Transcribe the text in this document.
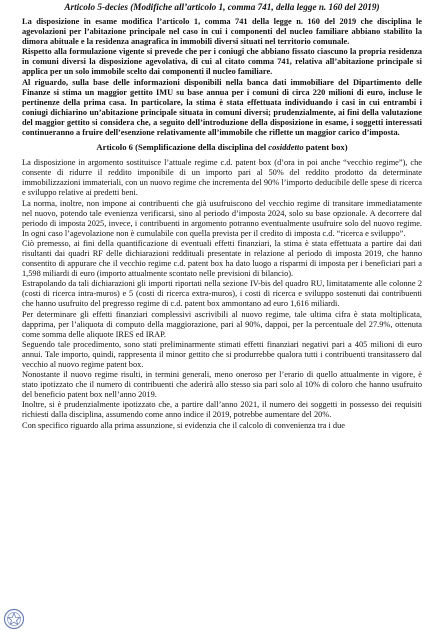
Articolo 5-decies (Modifiche all’articolo 1, comma 741, della legge n. 160 del 2019)

La disposizione in esame modifica l’articolo 1, comma 741 della legge n. 160 del 2019 che disciplina le agevolazioni per l’abitazione principale nel caso in cui i componenti del nucleo familiare abbiano stabilito la dimora abituale e la residenza anagrafica in immobili diversi situati nel territorio comunale.

Rispetto alla formulazione vigente si prevede che per i coniugi che abbiano fissato ciascuno la propria residenza in comuni diversi la disposizione agevolativa, di cui al citato comma 741, relativa all’abitazione principale si applica per un solo immobile scelto dai componenti il nucleo familiare.

Al riguardo, sulla base delle informazioni disponibili nella banca dati immobiliare del Dipartimento delle Finanze si stima un maggior gettito IMU su base annua per i comuni di circa 220 milioni di euro, incluse le pertinenze della prima casa. In particolare, la stima è stata effettuata individuando i casi in cui entrambi i coniugi dichiarino un’abitazione principale situata in comuni diversi; prudenzialmente, ai fini della valutazione del maggior gettito si considera che, a seguito dell’introduzione della disposizione in esame, i soggetti interessati continueranno a fruire dell’esenzione relativamente all’immobile che riflette un maggior carico d’imposta.

Articolo 6 (Semplificazione della disciplina del cosiddetto patent box)

La disposizione in argomento sostituisce l’attuale regime c.d. patent box (d’ora in poi anche “vecchio regime”), che consente di ridurre il reddito imponibile di un importo pari al 50% del reddito prodotto da determinate immobilizzazioni immateriali, con un nuovo regime che incrementa del 90% l’importo deducibile delle spese di ricerca e sviluppo relative ai predetti beni.

La norma, inoltre, non impone ai contribuenti che già usufruiscono del vecchio regime di transitare immediatamente nel nuovo, potendo tale evenienza verificarsi, sino al periodo d’imposta 2024, solo su base opzionale. A decorrere dal periodo di imposta 2025, invece, i contribuenti in argomento potranno eventualmente usufruire solo del nuovo regime. In ogni caso l’agevolazione non è cumulabile con quella prevista per il credito di imposta c.d. “ricerca e sviluppo”.

Ciò premesso, ai fini della quantificazione di eventuali effetti finanziari, la stima è stata effettuata a partire dai dati risultanti dai quadri RF delle dichiarazioni reddituali presentate in relazione al periodo di imposta 2019, che hanno consentito di appurare che il vecchio regime c.d. patent box ha dato luogo a risparmi di imposta per i beneficiari pari a 1,598 miliardi di euro (importo attualmente scontato nelle previsioni di bilancio).

Estrapolando da tali dichiarazioni gli importi riportati nella sezione IV-bis del quadro RU, limitatamente alle colonne 2 (costi di ricerca intra-muros) e 5 (costi di ricerca extra-muros), i costi di ricerca e sviluppo sostenuti dai contribuenti che hanno usufruito del pregresso regime di c.d. patent box ammontano ad euro 1,616 miliardi.

Per determinare gli effetti finanziari complessivi ascrivibili al nuovo regime, tale ultima cifra è stata moltiplicata, dapprima, per l’aliquota di computo della maggiorazione, pari al 90%, dappoi, per la percentuale del 27.9%, ottenuta come somma delle aliquote IRES ed IRAP.

Seguendo tale procedimento, sono stati preliminarmente stimati effetti finanziari negativi pari a 405 milioni di euro annui. Tale importo, quindi, rappresenta il minor gettito che si produrrebbe qualora tutti i contribuenti transitassero dal vecchio al nuovo regime patent box.

Nonostante il nuovo regime risulti, in termini generali, meno oneroso per l’erario di quello attualmente in vigore, è stato ipotizzato che il numero di contribuenti che aderirà allo stesso sia pari solo al 10% di coloro che hanno usufruito del beneficio patent box nell’anno 2019.

Inoltre, si è prudenzialmente ipotizzato che, a partire dall’anno 2021, il numero dei soggetti in possesso dei requisiti richiesti dalla disciplina, assumendo come anno indice il 2019, potrebbe aumentare del 20%.

Con specifico riguardo alla prima assunzione, si evidenzia che il calcolo di convenienza tra i due
